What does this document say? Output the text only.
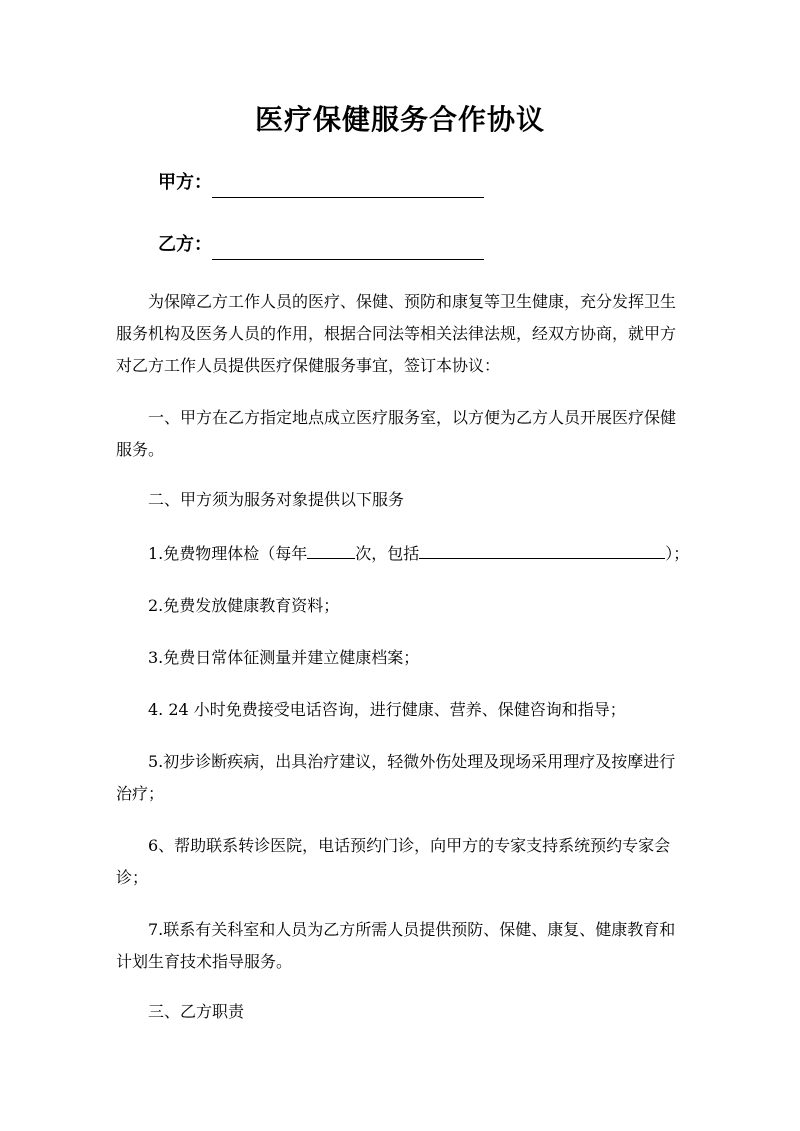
医疗保健服务合作协议
甲方：
乙方：
　　为保障乙方工作人员的医疗、保健、预防和康复等卫生健康，充分发挥卫生
服务机构及医务人员的作用，根据合同法等相关法律法规，经双方协商，就甲方
对乙方工作人员提供医疗保健服务事宜，签订本协议：
　　一、甲方在乙方指定地点成立医疗服务室，以方便为乙方人员开展医疗保健
服务。
　　二、甲方须为服务对象提供以下服务
　　1.免费物理体检（每年	次，包括	）；
　　2.免费发放健康教育资料；
　　3.免费日常体征测量并建立健康档案；
　　4. 24 小时免费接受电话咨询，进行健康、营养、保健咨询和指导；
　　5.初步诊断疾病，出具治疗建议，轻微外伤处理及现场采用理疗及按摩进行
治疗；
　　6、帮助联系转诊医院，电话预约门诊，向甲方的专家支持系统预约专家会
诊；
　　7.联系有关科室和人员为乙方所需人员提供预防、保健、康复、健康教育和
计划生育技术指导服务。
　　三、乙方职责
